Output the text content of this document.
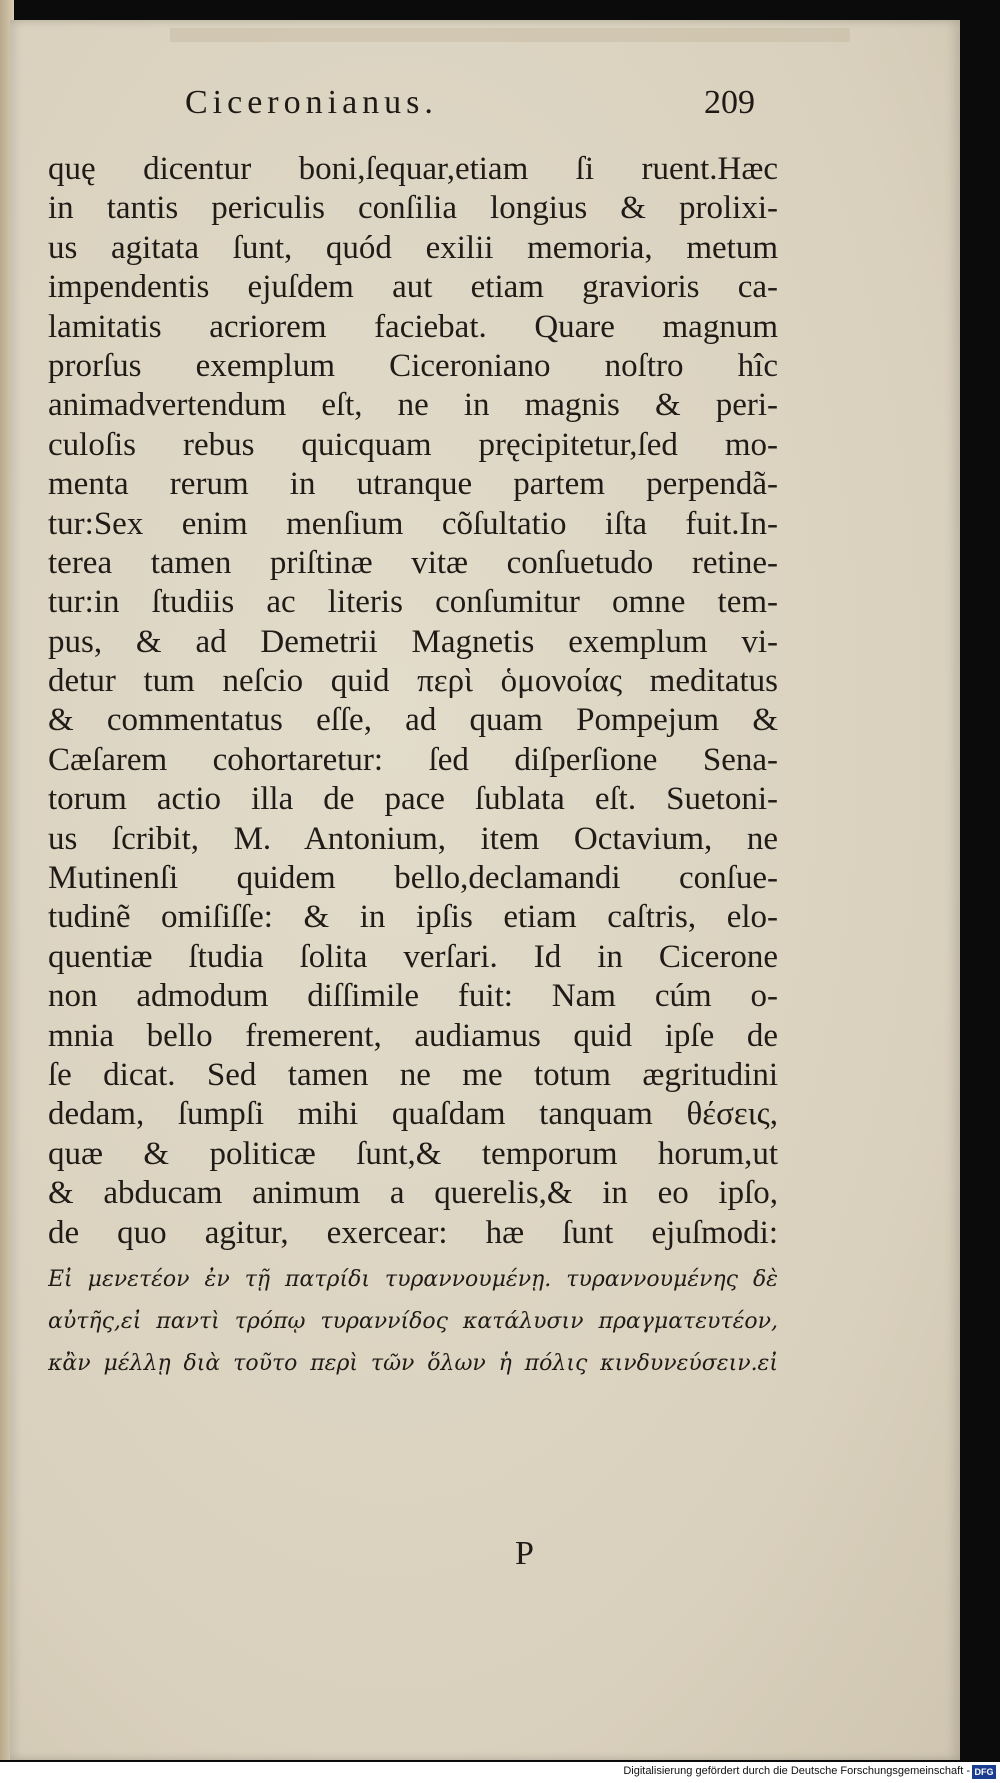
Ciceronianus.	209
quę dicentur boni,ſequar,etiam ſi ruent.Hæc
in tantis periculis conſilia longius & prolixi-
us agitata ſunt, quód exilii memoria, metum
impendentis ejuſdem aut etiam gravioris ca-
lamitatis acriorem faciebat. Quare magnum
prorſus exemplum Ciceroniano noſtro hîc
animadvertendum eſt, ne in magnis & peri-
culoſis rebus quicquam pręcipitetur,ſed mo-
menta rerum in utranque partem perpendã-
tur:Sex enim menſium cõſultatio iſta fuit.In-
terea tamen priſtinæ vitæ conſuetudo retine-
tur:in ſtudiis ac literis conſumitur omne tem-
pus, & ad Demetrii Magnetis exemplum vi-
detur tum neſcio quid περὶ ὁμονοίας meditatus
& commentatus eſſe, ad quam Pompejum &
Cæſarem cohortaretur: ſed diſperſione Sena-
torum actio illa de pace ſublata eſt. Suetoni-
us ſcribit, M. Antonium, item Octavium, ne
Mutinenſi quidem bello,declamandi conſue-
tudinẽ omiſiſſe: & in ipſis etiam caſtris, elo-
quentiæ ſtudia ſolita verſari. Id in Cicerone
non admodum diſſimile fuit: Nam cúm o-
mnia bello fremerent, audiamus quid ipſe de
ſe dicat. Sed tamen ne me totum ægritudini
dedam, ſumpſi mihi quaſdam tanquam θέσεις,
quæ & politicæ ſunt,& temporum horum,ut
& abducam animum a querelis,& in eo ipſo,
de quo agitur, exercear: hæ ſunt ejuſmodi:
Εἰ μενετέον ἐν τῇ πατρίδι τυραννουμένῃ. τυραννουμένης δὲ
αὐτῆς,εἰ παντὶ τρόπῳ τυραννίδος κατάλυσιν πραγματευτέον,
κἂν μέλλῃ διὰ τοῦτο περὶ τῶν ὅλων ἡ πόλις κινδυνεύσειν.εἰ
P
Digitalisierung gefördert durch die Deutsche Forschungsgemeinschaft - DFG
